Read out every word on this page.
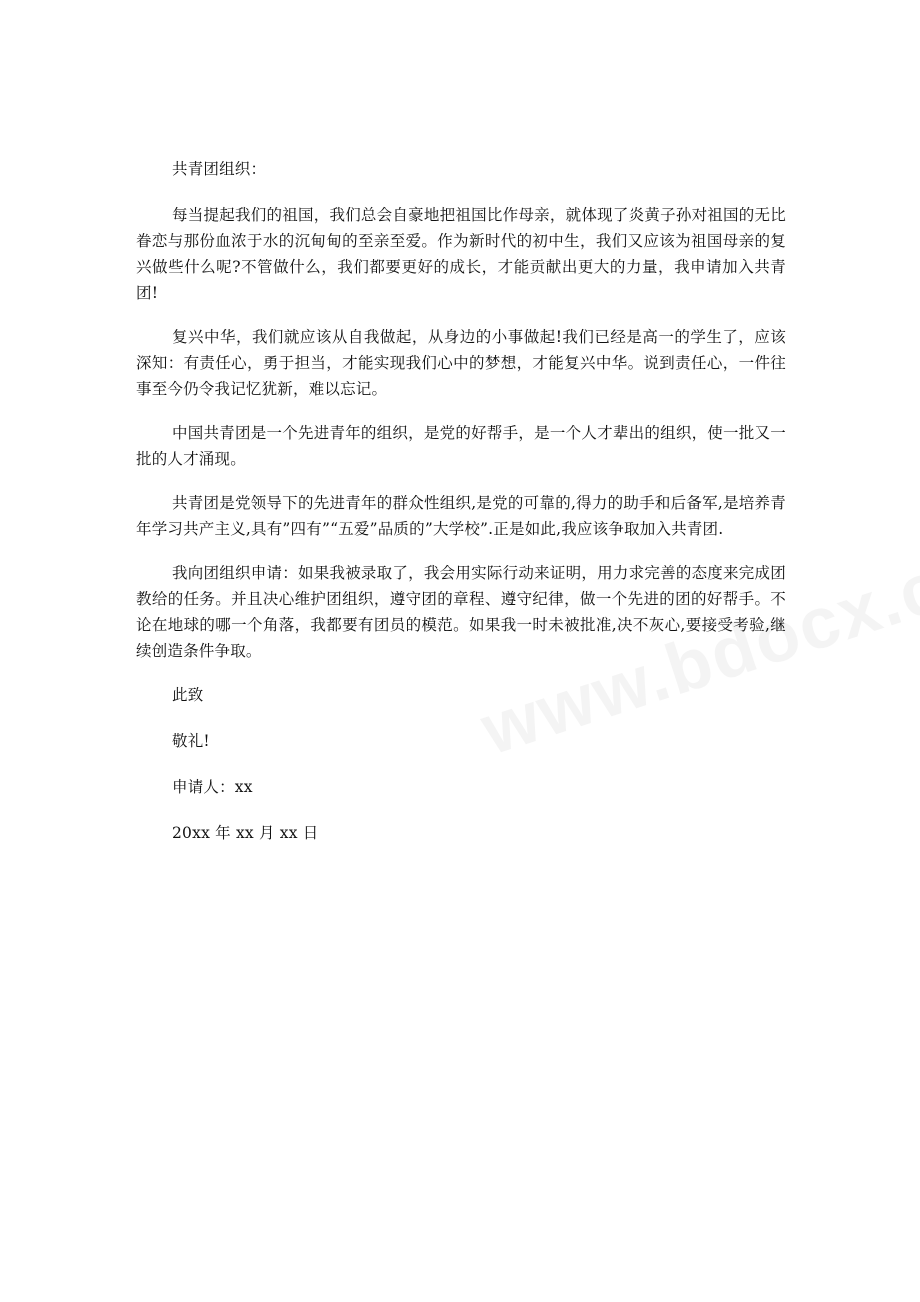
共青团组织：

每当提起我们的祖国，我们总会自豪地把祖国比作母亲，就体现了炎黄子孙对祖国的无比眷恋与那份血浓于水的沉甸甸的至亲至爱。作为新时代的初中生，我们又应该为祖国母亲的复兴做些什么呢?不管做什么，我们都要更好的成长，才能贡献出更大的力量，我申请加入共青团!

复兴中华，我们就应该从自我做起，从身边的小事做起!我们已经是高一的学生了，应该深知：有责任心，勇于担当，才能实现我们心中的梦想，才能复兴中华。说到责任心，一件往事至今仍令我记忆犹新，难以忘记。

中国共青团是一个先进青年的组织，是党的好帮手，是一个人才辈出的组织，使一批又一批的人才涌现。

共青团是党领导下的先进青年的群众性组织,是党的可靠的,得力的助手和后备军,是培养青年学习共产主义,具有”四有”“五爱”品质的”大学校”.正是如此,我应该争取加入共青团.

我向团组织申请：如果我被录取了，我会用实际行动来证明，用力求完善的态度来完成团教给的任务。并且决心维护团组织，遵守团的章程、遵守纪律，做一个先进的团的好帮手。不论在地球的哪一个角落，我都要有团员的模范。如果我一时未被批准,决不灰心,要接受考验,继续创造条件争取。

此致

敬礼!

申请人：xx

20xx 年 xx 月 xx 日
